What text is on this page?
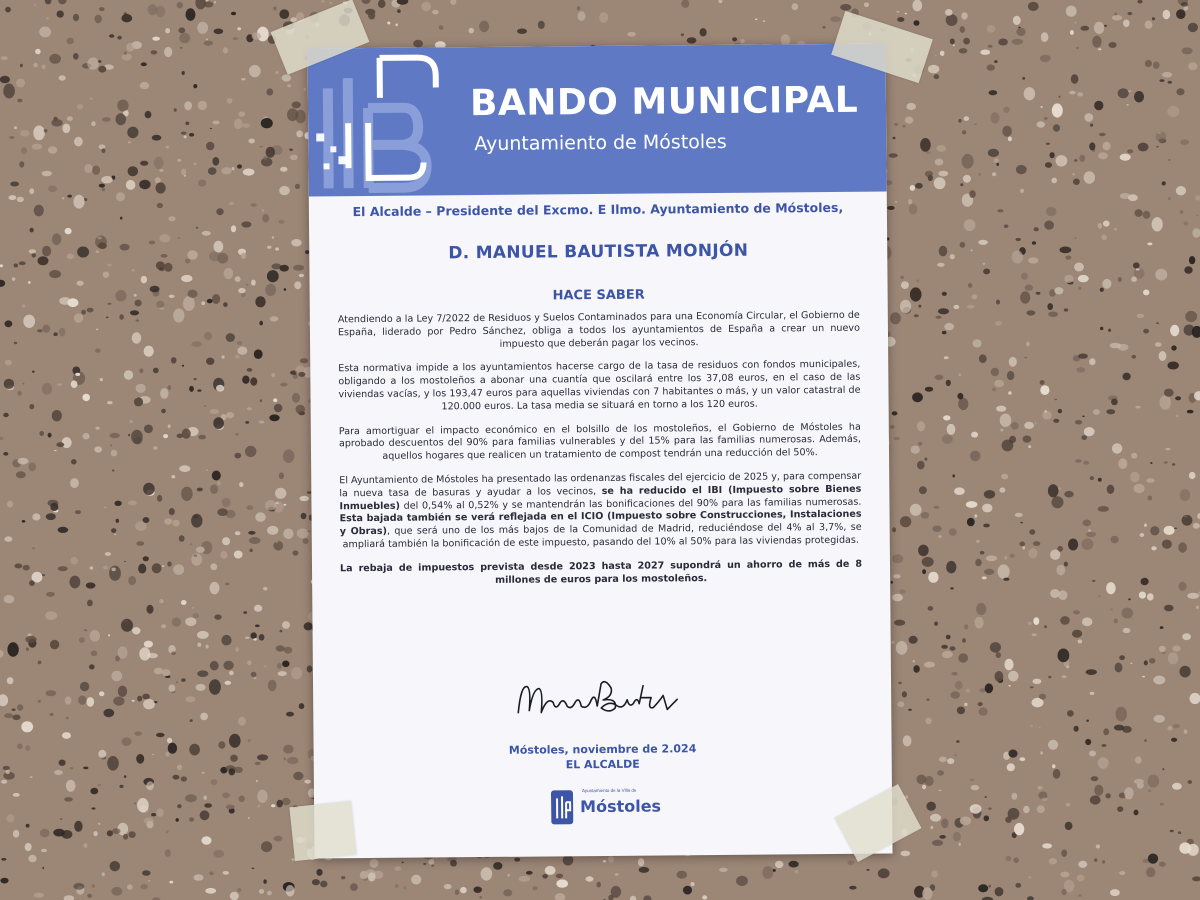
BANDO MUNICIPAL
Ayuntamiento de Móstoles
El Alcalde – Presidente del Excmo. E Ilmo. Ayuntamiento de Móstoles,
D. MANUEL BAUTISTA MONJÓN
HACE SABER

Atendiendo a la Ley 7/2022 de Residuos y Suelos Contaminados para una Economía Circular, el Gobierno de España, liderado por Pedro Sánchez, obliga a todos los ayuntamientos de España a crear un nuevo impuesto que deberán pagar los vecinos.

Esta normativa impide a los ayuntamientos hacerse cargo de la tasa de residuos con fondos municipales, obligando a los mostoleños a abonar una cuantía que oscilará entre los 37,08 euros, en el caso de las viviendas vacías, y los 193,47 euros para aquellas viviendas con 7 habitantes o más, y un valor catastral de 120.000 euros. La tasa media se situará en torno a los 120 euros.

Para amortiguar el impacto económico en el bolsillo de los mostoleños, el Gobierno de Móstoles ha aprobado descuentos del 90% para familias vulnerables y del 15% para las familias numerosas. Además, aquellos hogares que realicen un tratamiento de compost tendrán una reducción del 50%.

El Ayuntamiento de Móstoles ha presentado las ordenanzas fiscales del ejercicio de 2025 y, para compensar la nueva tasa de basuras y ayudar a los vecinos, se ha reducido el IBI (Impuesto sobre Bienes Inmuebles) del 0,54% al 0,52% y se mantendrán las bonificaciones del 90% para las familias numerosas. Esta bajada también se verá reflejada en el ICIO (Impuesto sobre Construcciones, Instalaciones y Obras), que será uno de los más bajos de la Comunidad de Madrid, reduciéndose del 4% al 3,7%, se ampliará también la bonificación de este impuesto, pasando del 10% al 50% para las viviendas protegidas.

La rebaja de impuestos prevista desde 2023 hasta 2027 supondrá un ahorro de más de 8 millones de euros para los mostoleños.

Móstoles, noviembre de 2.024
EL ALCALDE
Ayuntamiento de la Villa de
Móstoles
